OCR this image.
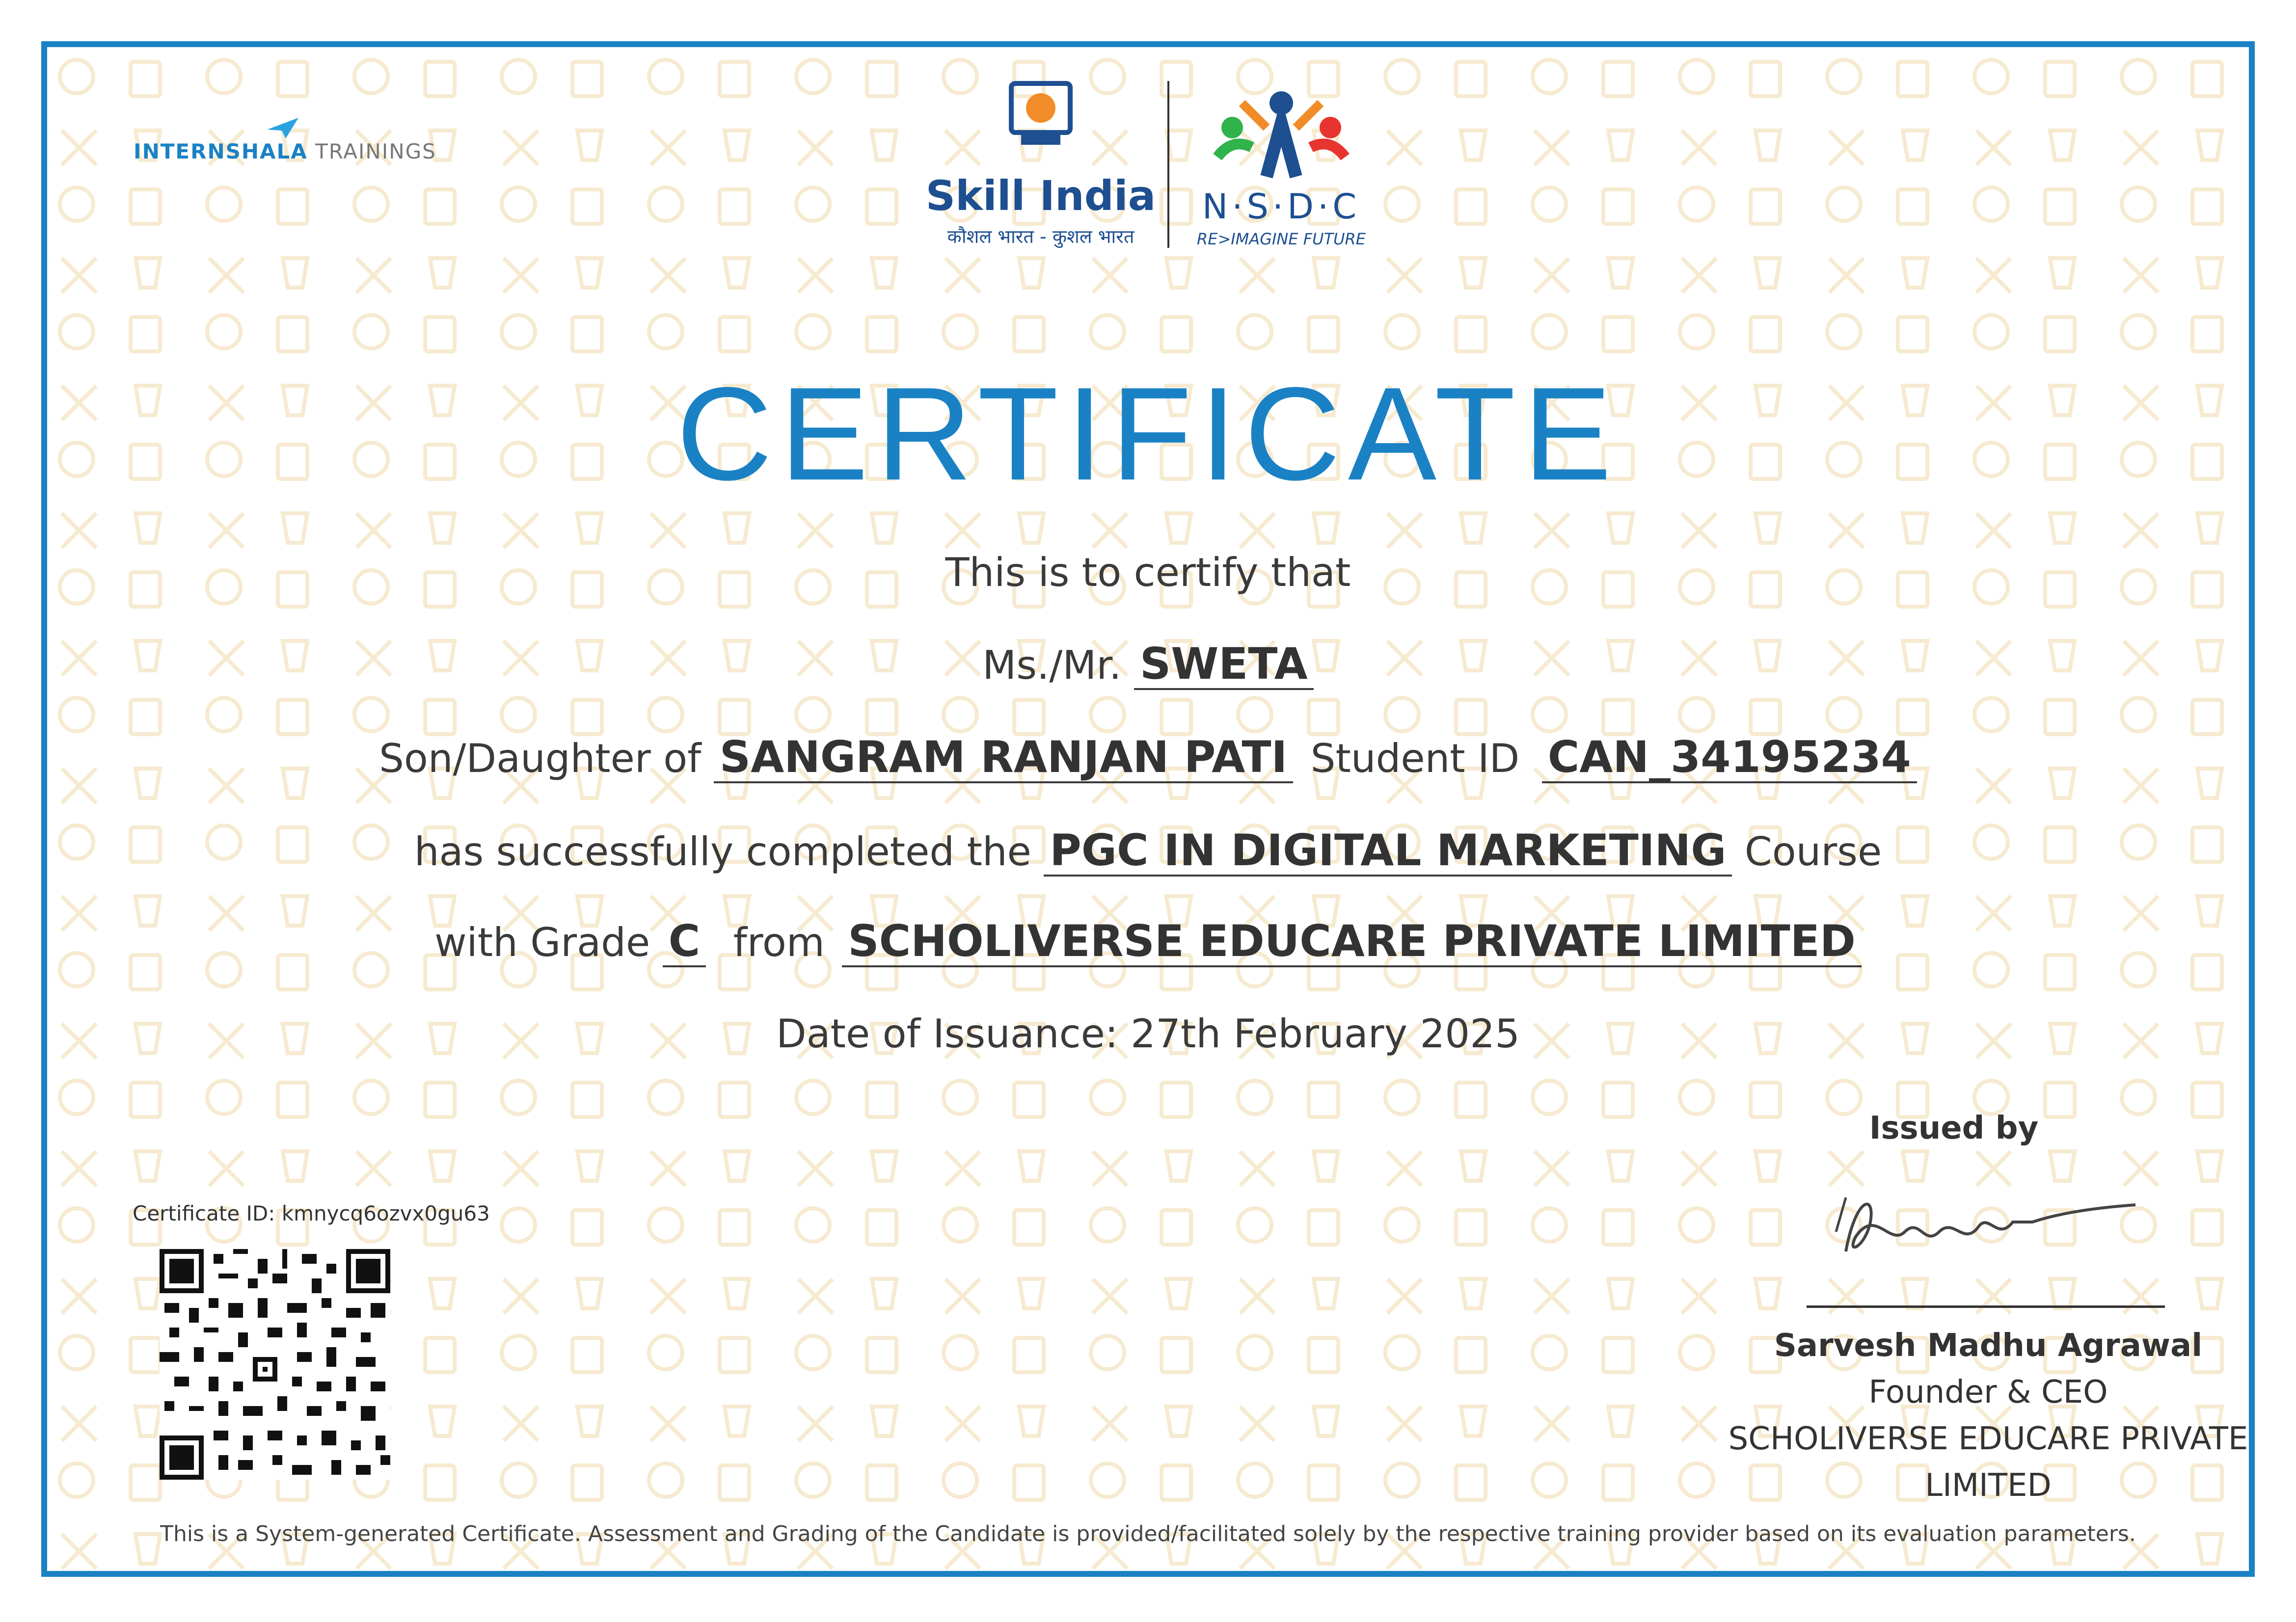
INTERNSHALA TRAININGS
Skill India
कौशल भारत - कुशल भारत
N·S·D·C
RE>IMAGINE FUTURE
CERTIFICATE
This is to certify that
Ms./Mr. SWETA
Son/Daughter of SANGRAM RANJAN PATI Student ID CAN_34195234
has successfully completed the PGC IN DIGITAL MARKETING Course
with Grade C from SCHOLIVERSE EDUCARE PRIVATE LIMITED
Date of Issuance: 27th February 2025
Issued by
Sarvesh Madhu Agrawal
Founder & CEO
SCHOLIVERSE EDUCARE PRIVATE
LIMITED
Certificate ID: kmnycq6ozvx0gu63
This is a System-generated Certificate. Assessment and Grading of the Candidate is provided/facilitated solely by the respective training provider based on its evaluation parameters.
